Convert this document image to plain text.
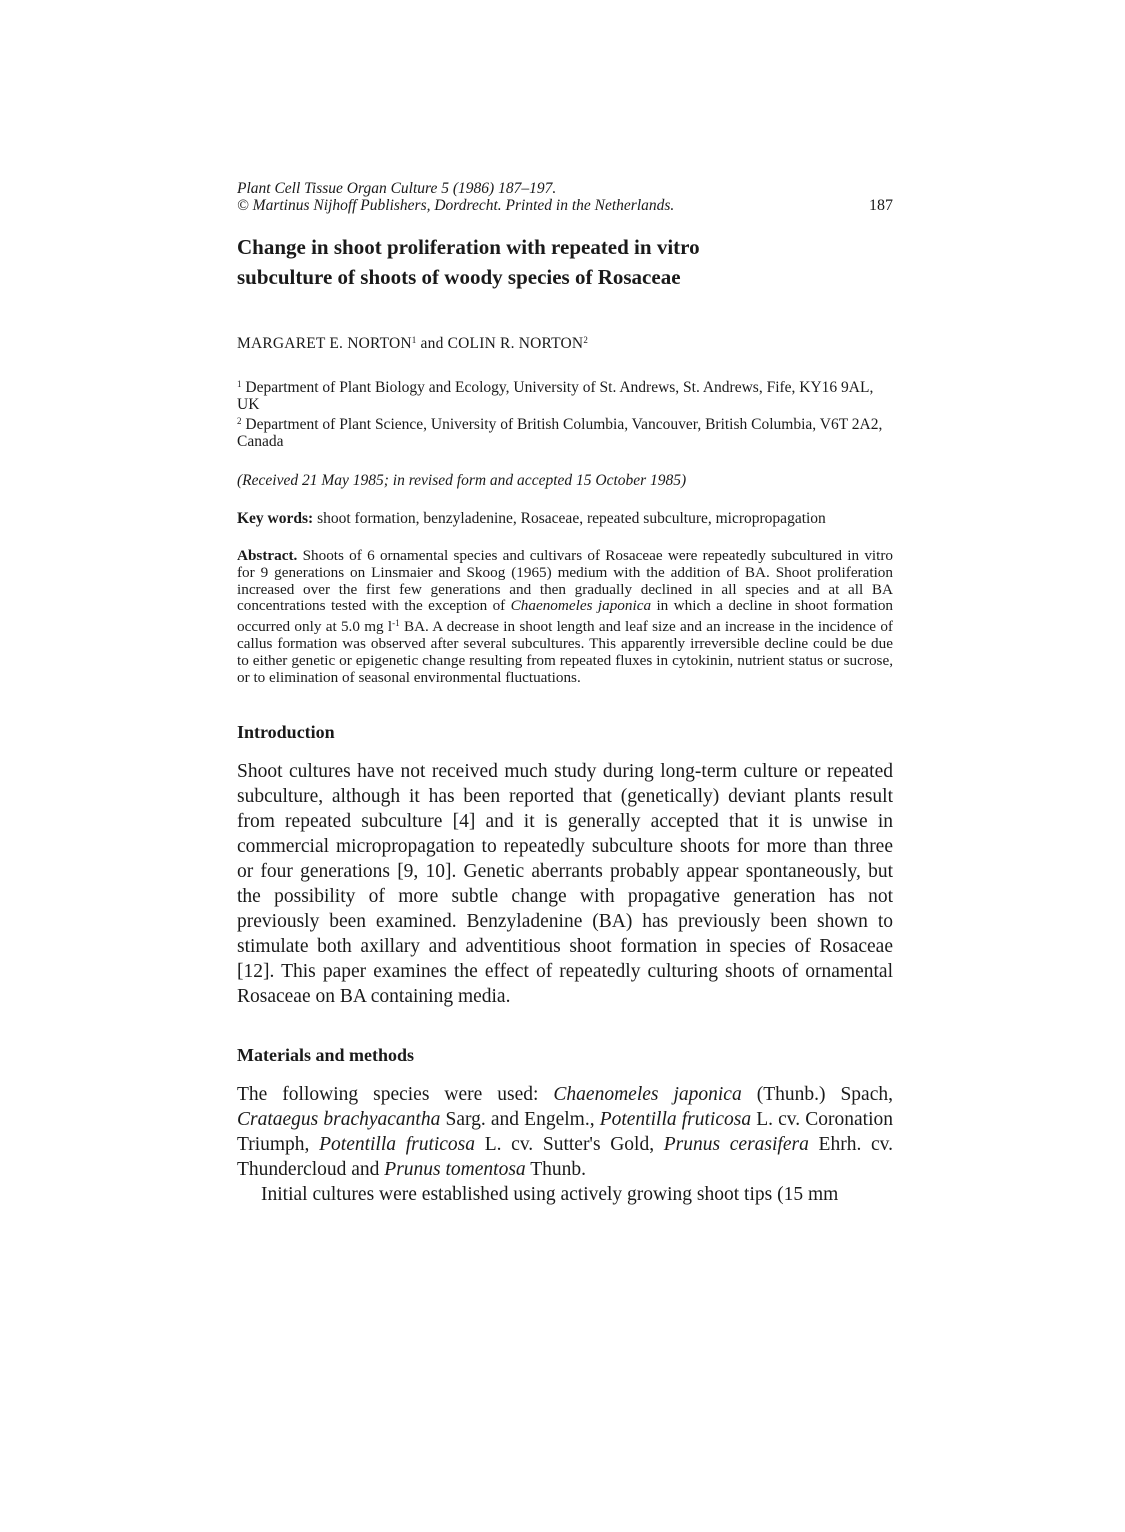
Plant Cell Tissue Organ Culture 5 (1986) 187–197.
© Martinus Nijhoff Publishers, Dordrecht. Printed in the Netherlands.	187
Change in shoot proliferation with repeated in vitro
subculture of shoots of woody species of Rosaceae
MARGARET E. NORTON$^1$ and COLIN R. NORTON$^2$
$^1$ Department of Plant Biology and Ecology, University of St. Andrews, St. Andrews, Fife, KY16 9AL, UK
$^2$ Department of Plant Science, University of British Columbia, Vancouver, British Columbia, V6T 2A2, Canada
(Received 21 May 1985; in revised form and accepted 15 October 1985)
Key words: shoot formation, benzyladenine, Rosaceae, repeated subculture, micropropagation
Abstract. Shoots of 6 ornamental species and cultivars of Rosaceae were repeatedly subcultured in vitro for 9 generations on Linsmaier and Skoog (1965) medium with the addition of BA. Shoot proliferation increased over the first few generations and then gradually declined in all species and at all BA concentrations tested with the exception of Chaenomeles japonica in which a decline in shoot formation occurred only at 5.0 mg $l^{-1}$ BA. A decrease in shoot length and leaf size and an increase in the incidence of callus formation was observed after several subcultures. This apparently irreversible decline could be due to either genetic or epigenetic change resulting from repeated fluxes in cytokinin, nutrient status or sucrose, or to elimination of seasonal environmental fluctuations.
Introduction

Shoot cultures have not received much study during long-term culture or repeated subculture, although it has been reported that (genetically) deviant plants result from repeated subculture [4] and it is generally accepted that it is unwise in commercial micropropagation to repeatedly subculture shoots for more than three or four generations [9, 10]. Genetic aberrants probably appear spontaneously, but the possibility of more subtle change with propagative generation has not previously been examined. Benzyladenine (BA) has previously been shown to stimulate both axillary and adventitious shoot formation in species of Rosaceae [12]. This paper examines the effect of repeatedly culturing shoots of ornamental Rosaceae on BA containing media.

Materials and methods

The following species were used: Chaenomeles japonica (Thunb.) Spach, Crataegus brachyacantha Sarg. and Engelm., Potentilla fruticosa L. cv. Coronation Triumph, Potentilla fruticosa L. cv. Sutter's Gold, Prunus cerasifera Ehrh. cv. Thundercloud and Prunus tomentosa Thunb.

Initial cultures were established using actively growing shoot tips (15 mm
